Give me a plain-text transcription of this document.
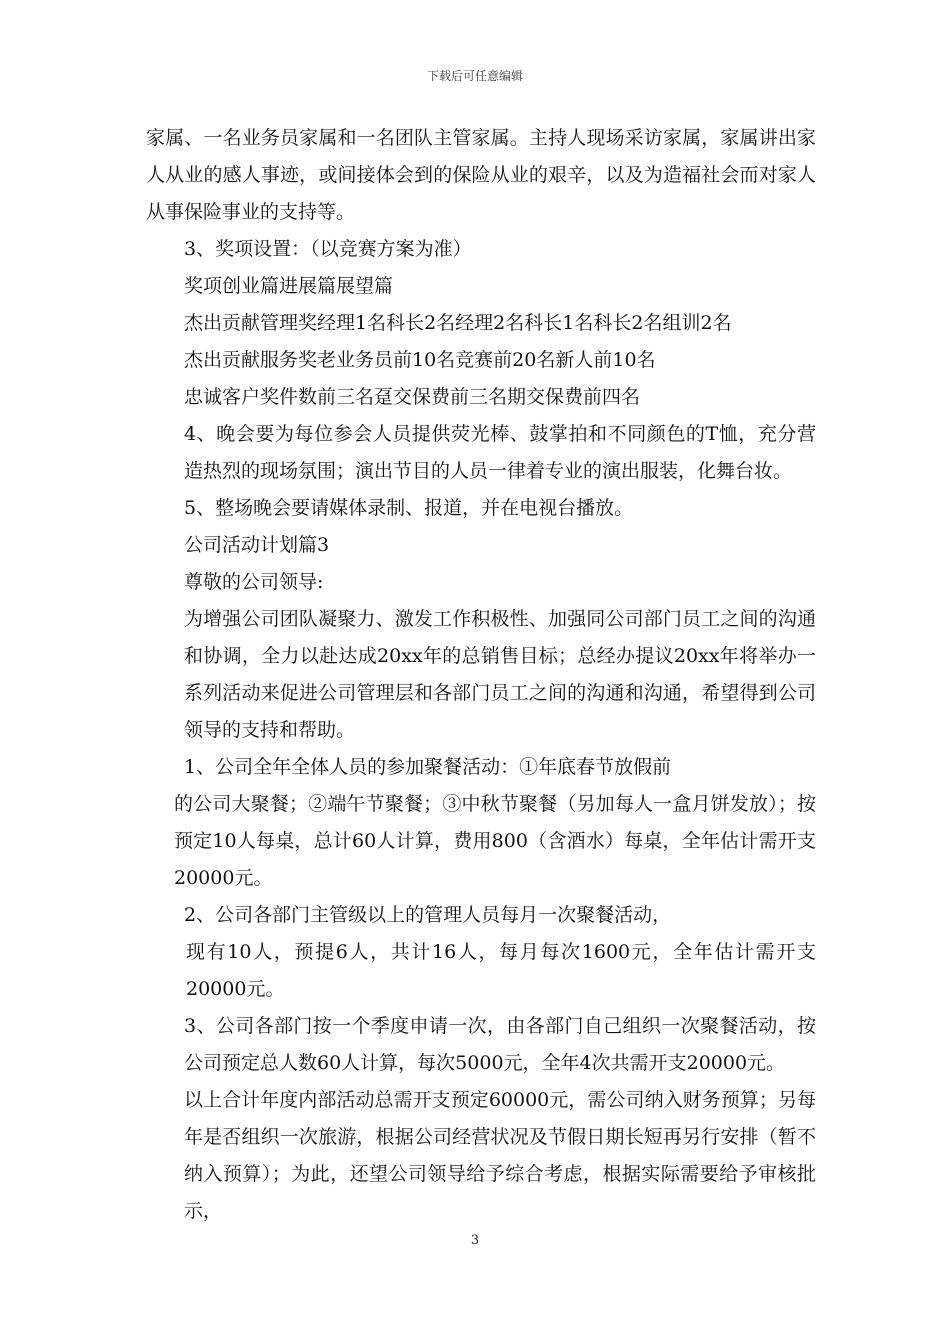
下载后可任意编辑

家属、一名业务员家属和一名团队主管家属。主持人现场采访家属，家属讲出家人从业的感人事迹，或间接体会到的保险从业的艰辛，以及为造福社会而对家人从事保险事业的支持等。

3、奖项设置：（以竞赛方案为准）

奖项创业篇进展篇展望篇

杰出贡献管理奖经理1名科长2名经理2名科长1名科长2名组训2名

杰出贡献服务奖老业务员前10名竞赛前20名新人前10名

忠诚客户奖件数前三名趸交保费前三名期交保费前四名

4、晚会要为每位参会人员提供荧光棒、鼓掌拍和不同颜色的T恤，充分营造热烈的现场氛围；演出节目的人员一律着专业的演出服装，化舞台妆。

5、整场晚会要请媒体录制、报道，并在电视台播放。

公司活动计划篇3

尊敬的公司领导:

为增强公司团队凝聚力、激发工作积极性、加强同公司部门员工之间的沟通和协调，全力以赴达成20xx年的总销售目标；总经办提议20xx年将举办一系列活动来促进公司管理层和各部门员工之间的沟通和沟通，希望得到公司领导的支持和帮助。

1、公司全年全体人员的参加聚餐活动：①年底春节放假前

的公司大聚餐；②端午节聚餐；③中秋节聚餐（另加每人一盒月饼发放）；按预定10人每桌，总计60人计算，费用800（含酒水）每桌，全年估计需开支20000元。

2、公司各部门主管级以上的管理人员每月一次聚餐活动，

现有10人，预提6人，共计16人，每月每次1600元，全年估计需开支20000元。

3、公司各部门按一个季度申请一次，由各部门自己组织一次聚餐活动，按公司预定总人数60人计算，每次5000元，全年4次共需开支20000元。

以上合计年度内部活动总需开支预定60000元，需公司纳入财务预算；另每年是否组织一次旅游，根据公司经营状况及节假日期长短再另行安排（暂不纳入预算）；为此，还望公司领导给予综合考虑，根据实际需要给予审核批示，

3
